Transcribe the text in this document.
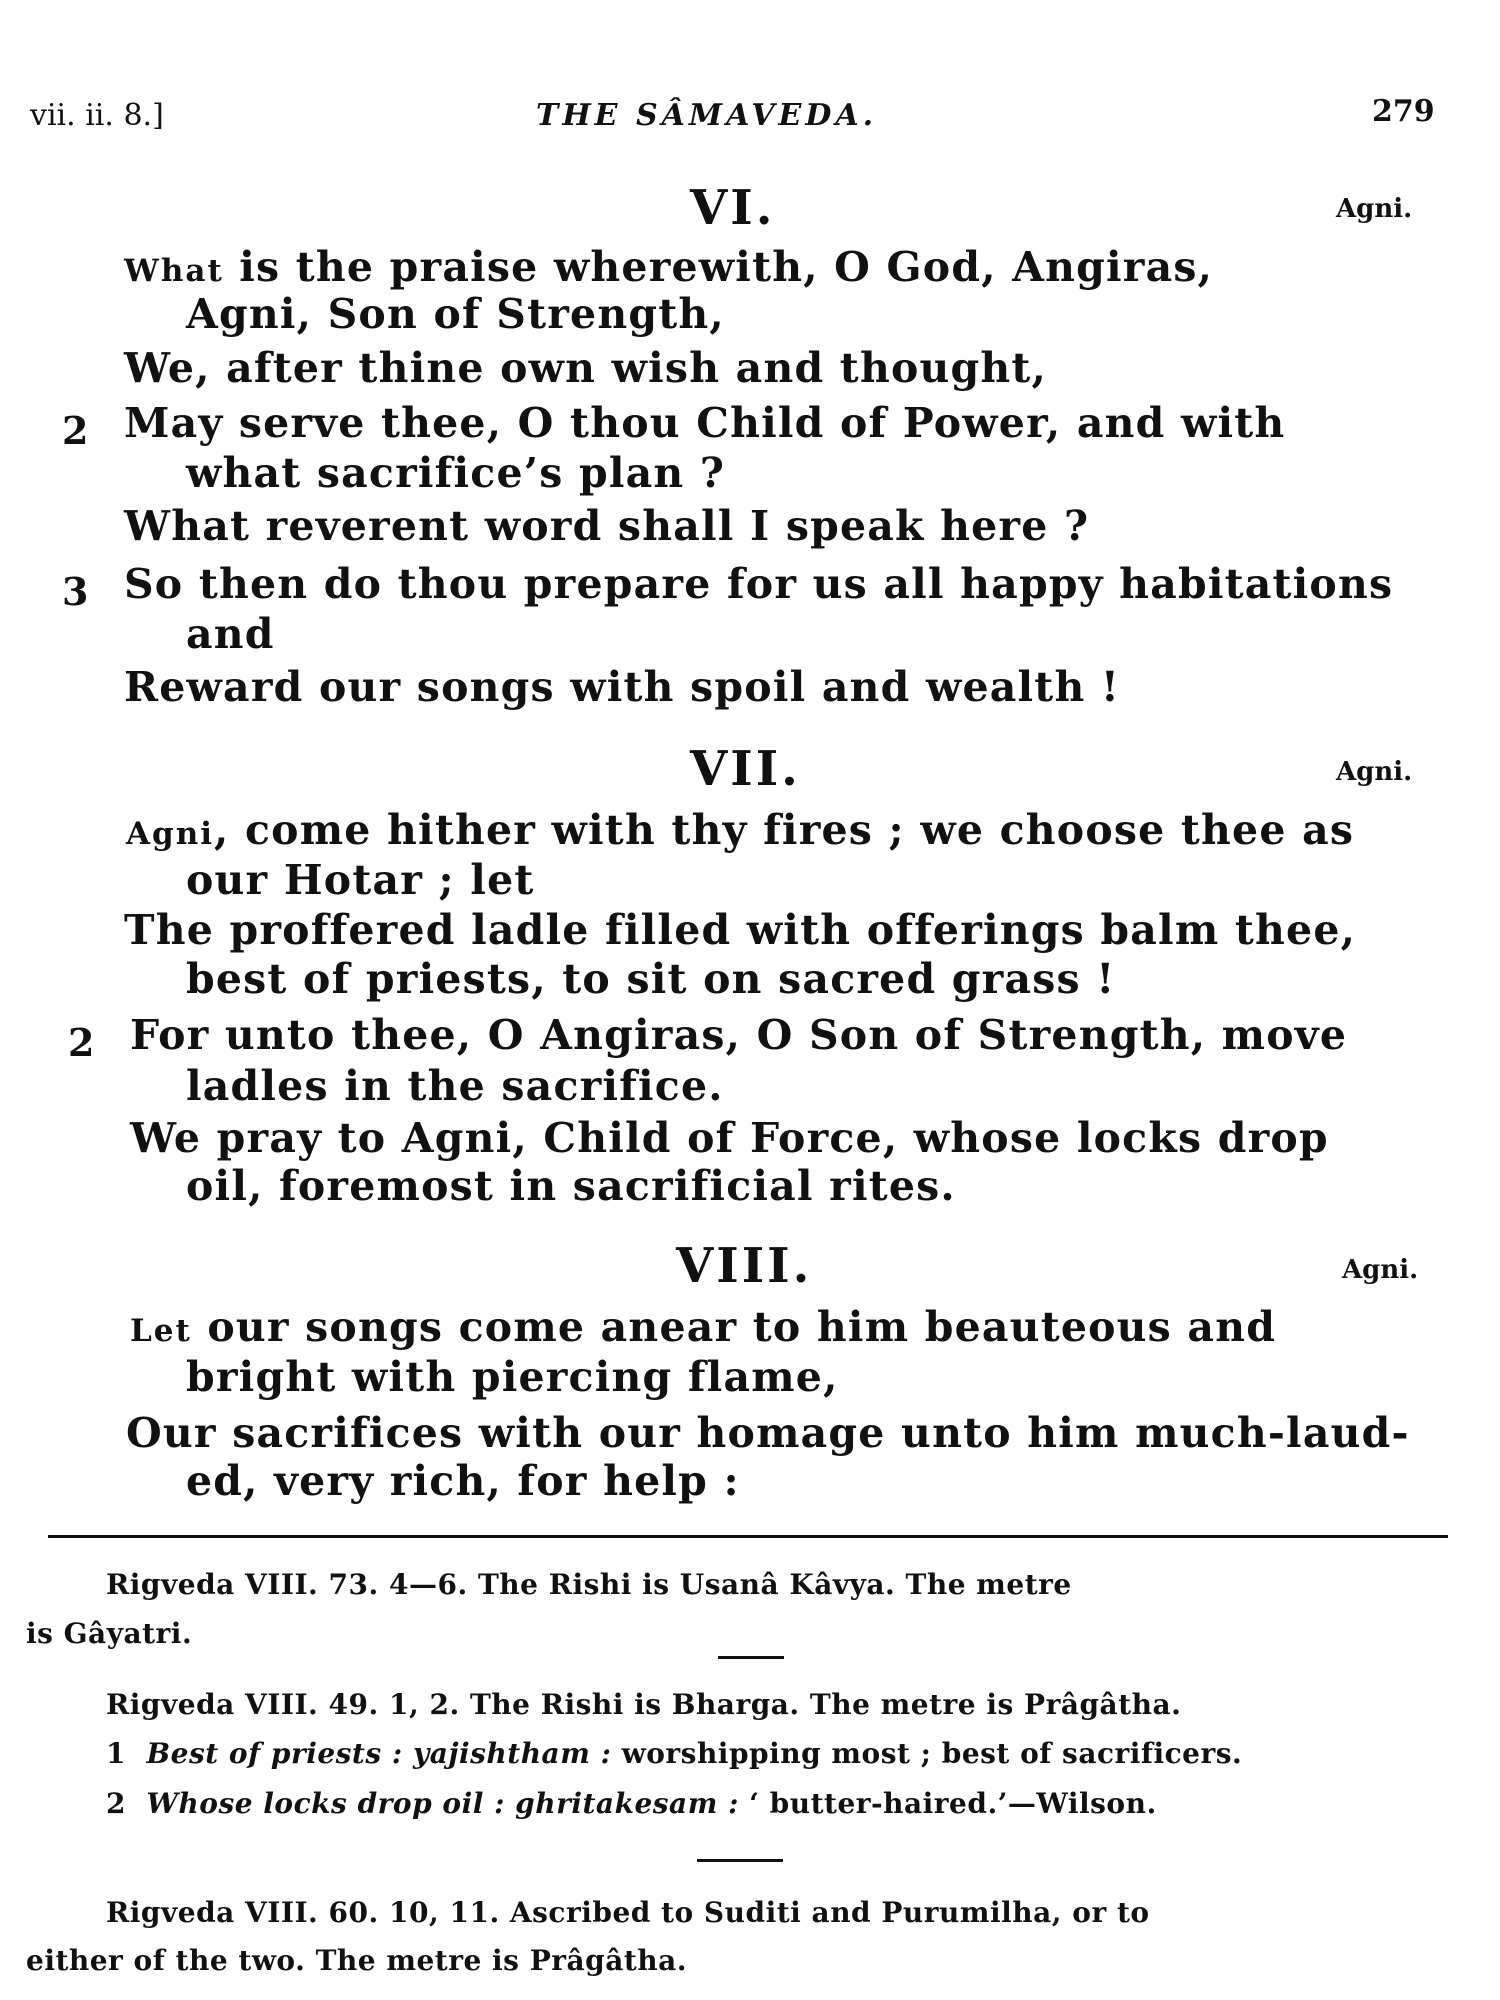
vii. ii. 8.]	THE SÂMAVEDA.	279
VI.	Agni.
What is the praise wherewith, O God, Angiras,
Agni, Son of Strength,
We, after thine own wish and thought,
2 May serve thee, O thou Child of Power, and with
what sacrifice’s plan ?
What reverent word shall I speak here ?
3 So then do thou prepare for us all happy habitations
and
Reward our songs with spoil and wealth !
VII.	Agni.
Agni, come hither with thy fires ; we choose thee as
our Hotar ; let
The proffered ladle filled with offerings balm thee,
best of priests, to sit on sacred grass !
2 For unto thee, O Angiras, O Son of Strength, move
ladles in the sacrifice.
We pray to Agni, Child of Force, whose locks drop
oil, foremost in sacrificial rites.
VIII.	Agni.
Let our songs come anear to him beauteous and
bright with piercing flame,
Our sacrifices with our homage unto him much-laud-
ed, very rich, for help :
Rigveda VIII. 73. 4—6. The Rishi is Usanâ Kâvya. The metre
is Gâyatri.
Rigveda VIII. 49. 1, 2. The Rishi is Bharga. The metre is Prâgâtha.
1 Best of priests : yajishtham : worshipping most ; best of sacrificers.
2 Whose locks drop oil : ghritakesam : ‘ butter-haired.’—Wilson.
Rigveda VIII. 60. 10, 11. Ascribed to Suditi and Purumilha, or to
either of the two. The metre is Prâgâtha.
